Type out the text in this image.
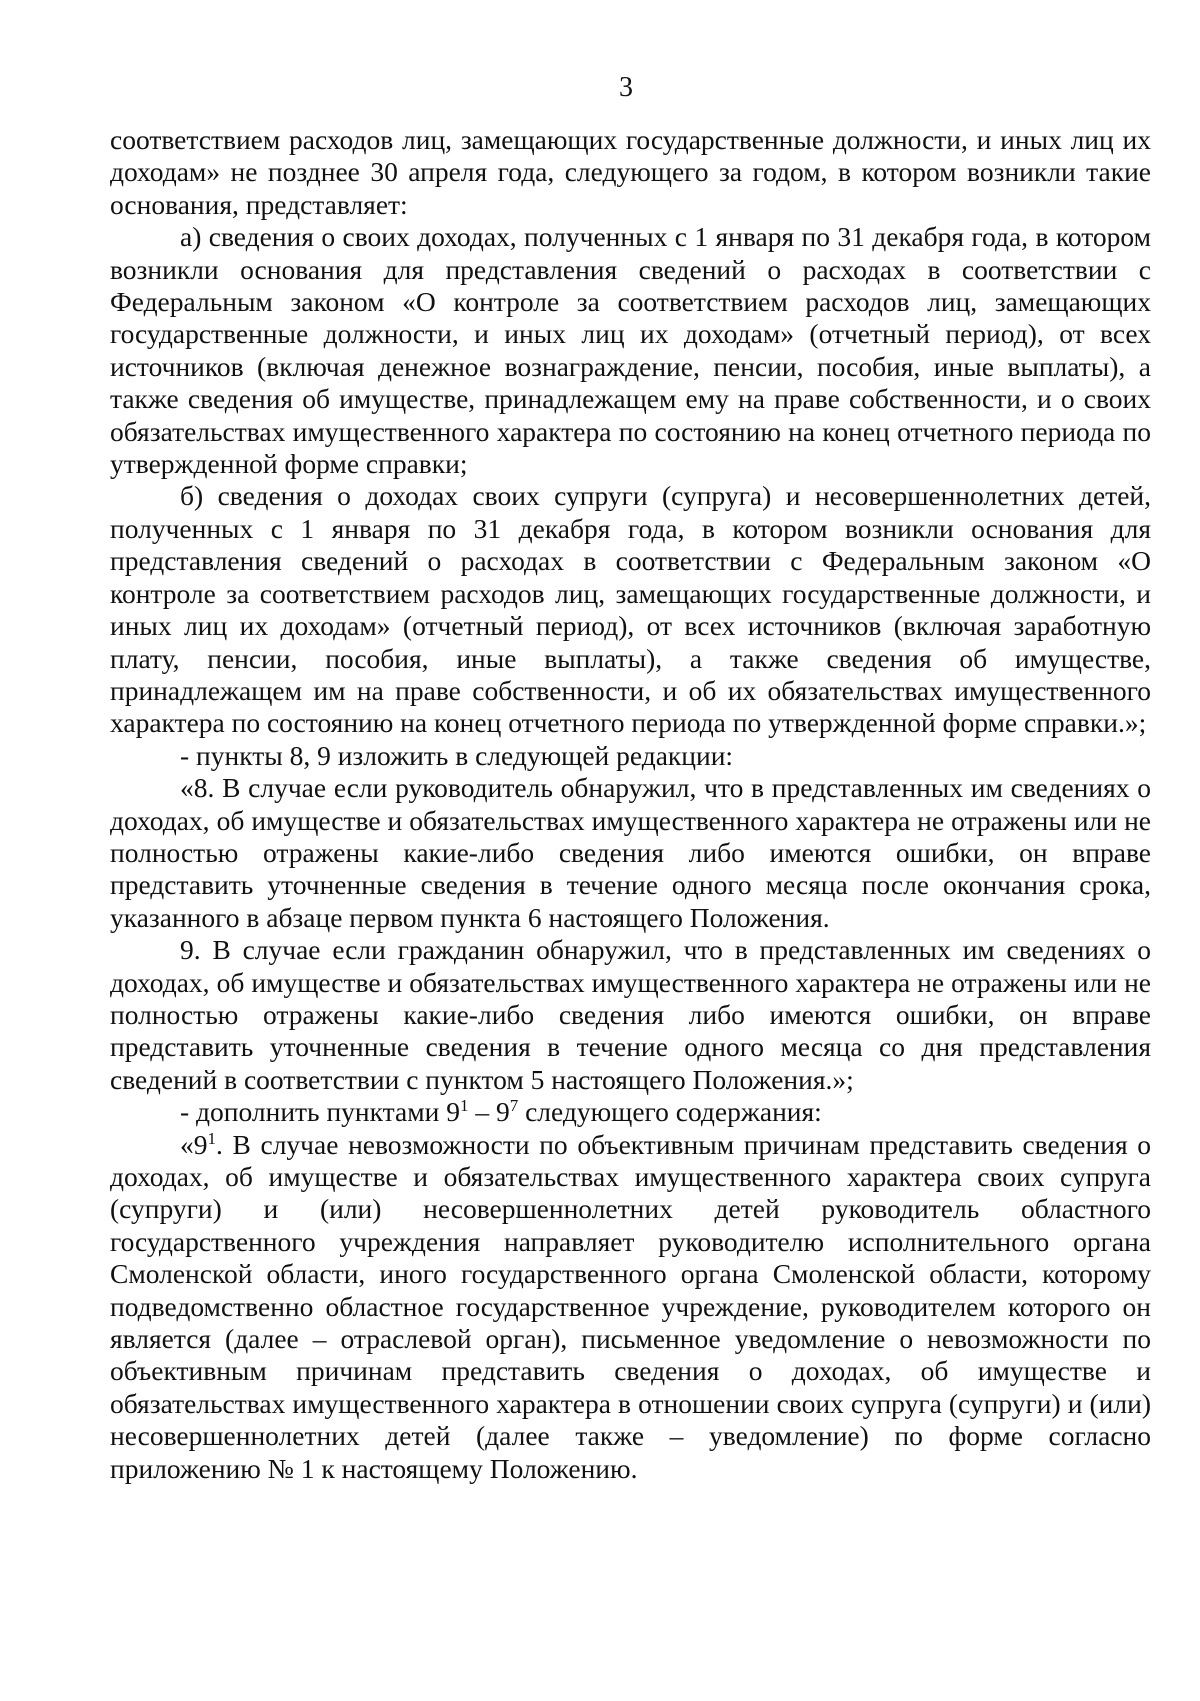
3

соответствием расходов лиц, замещающих государственные должности, и иных лиц их доходам» не позднее 30 апреля года, следующего за годом, в котором возникли такие основания, представляет:

а) сведения о своих доходах, полученных с 1 января по 31 декабря года, в котором возникли основания для представления сведений о расходах в соответствии с Федеральным законом «О контроле за соответствием расходов лиц, замещающих государственные должности, и иных лиц их доходам» (отчетный период), от всех источников (включая денежное вознаграждение, пенсии, пособия, иные выплаты), а также сведения об имуществе, принадлежащем ему на праве собственности, и о своих обязательствах имущественного характера по состоянию на конец отчетного периода по утвержденной форме справки;

б) сведения о доходах своих супруги (супруга) и несовершеннолетних детей, полученных с 1 января по 31 декабря года, в котором возникли основания для представления сведений о расходах в соответствии с Федеральным законом «О контроле за соответствием расходов лиц, замещающих государственные должности, и иных лиц их доходам» (отчетный период), от всех источников (включая заработную плату, пенсии, пособия, иные выплаты), а также сведения об имуществе, принадлежащем им на праве собственности, и об их обязательствах имущественного характера по состоянию на конец отчетного периода по утвержденной форме справки.»;

- пункты 8, 9 изложить в следующей редакции:

«8. В случае если руководитель обнаружил, что в представленных им сведениях о доходах, об имуществе и обязательствах имущественного характера не отражены или не полностью отражены какие-либо сведения либо имеются ошибки, он вправе представить уточненные сведения в течение одного месяца после окончания срока, указанного в абзаце первом пункта 6 настоящего Положения.

9. В случае если гражданин обнаружил, что в представленных им сведениях о доходах, об имуществе и обязательствах имущественного характера не отражены или не полностью отражены какие-либо сведения либо имеются ошибки, он вправе представить уточненные сведения в течение одного месяца со дня представления сведений в соответствии с пунктом 5 настоящего Положения.»;

- дополнить пунктами $9^1 - 9^7$ следующего содержания:

«$9^1$. В случае невозможности по объективным причинам представить сведения о доходах, об имуществе и обязательствах имущественного характера своих супруга (супруги) и (или) несовершеннолетних детей руководитель областного государственного учреждения направляет руководителю исполнительного органа Смоленской области, иного государственного органа Смоленской области, которому подведомственно областное государственное учреждение, руководителем которого он является (далее – отраслевой орган), письменное уведомление о невозможности по объективным причинам представить сведения о доходах, об имуществе и обязательствах имущественного характера в отношении своих супруга (супруги) и (или) несовершеннолетних детей (далее также – уведомление) по форме согласно приложению № 1 к настоящему Положению.
